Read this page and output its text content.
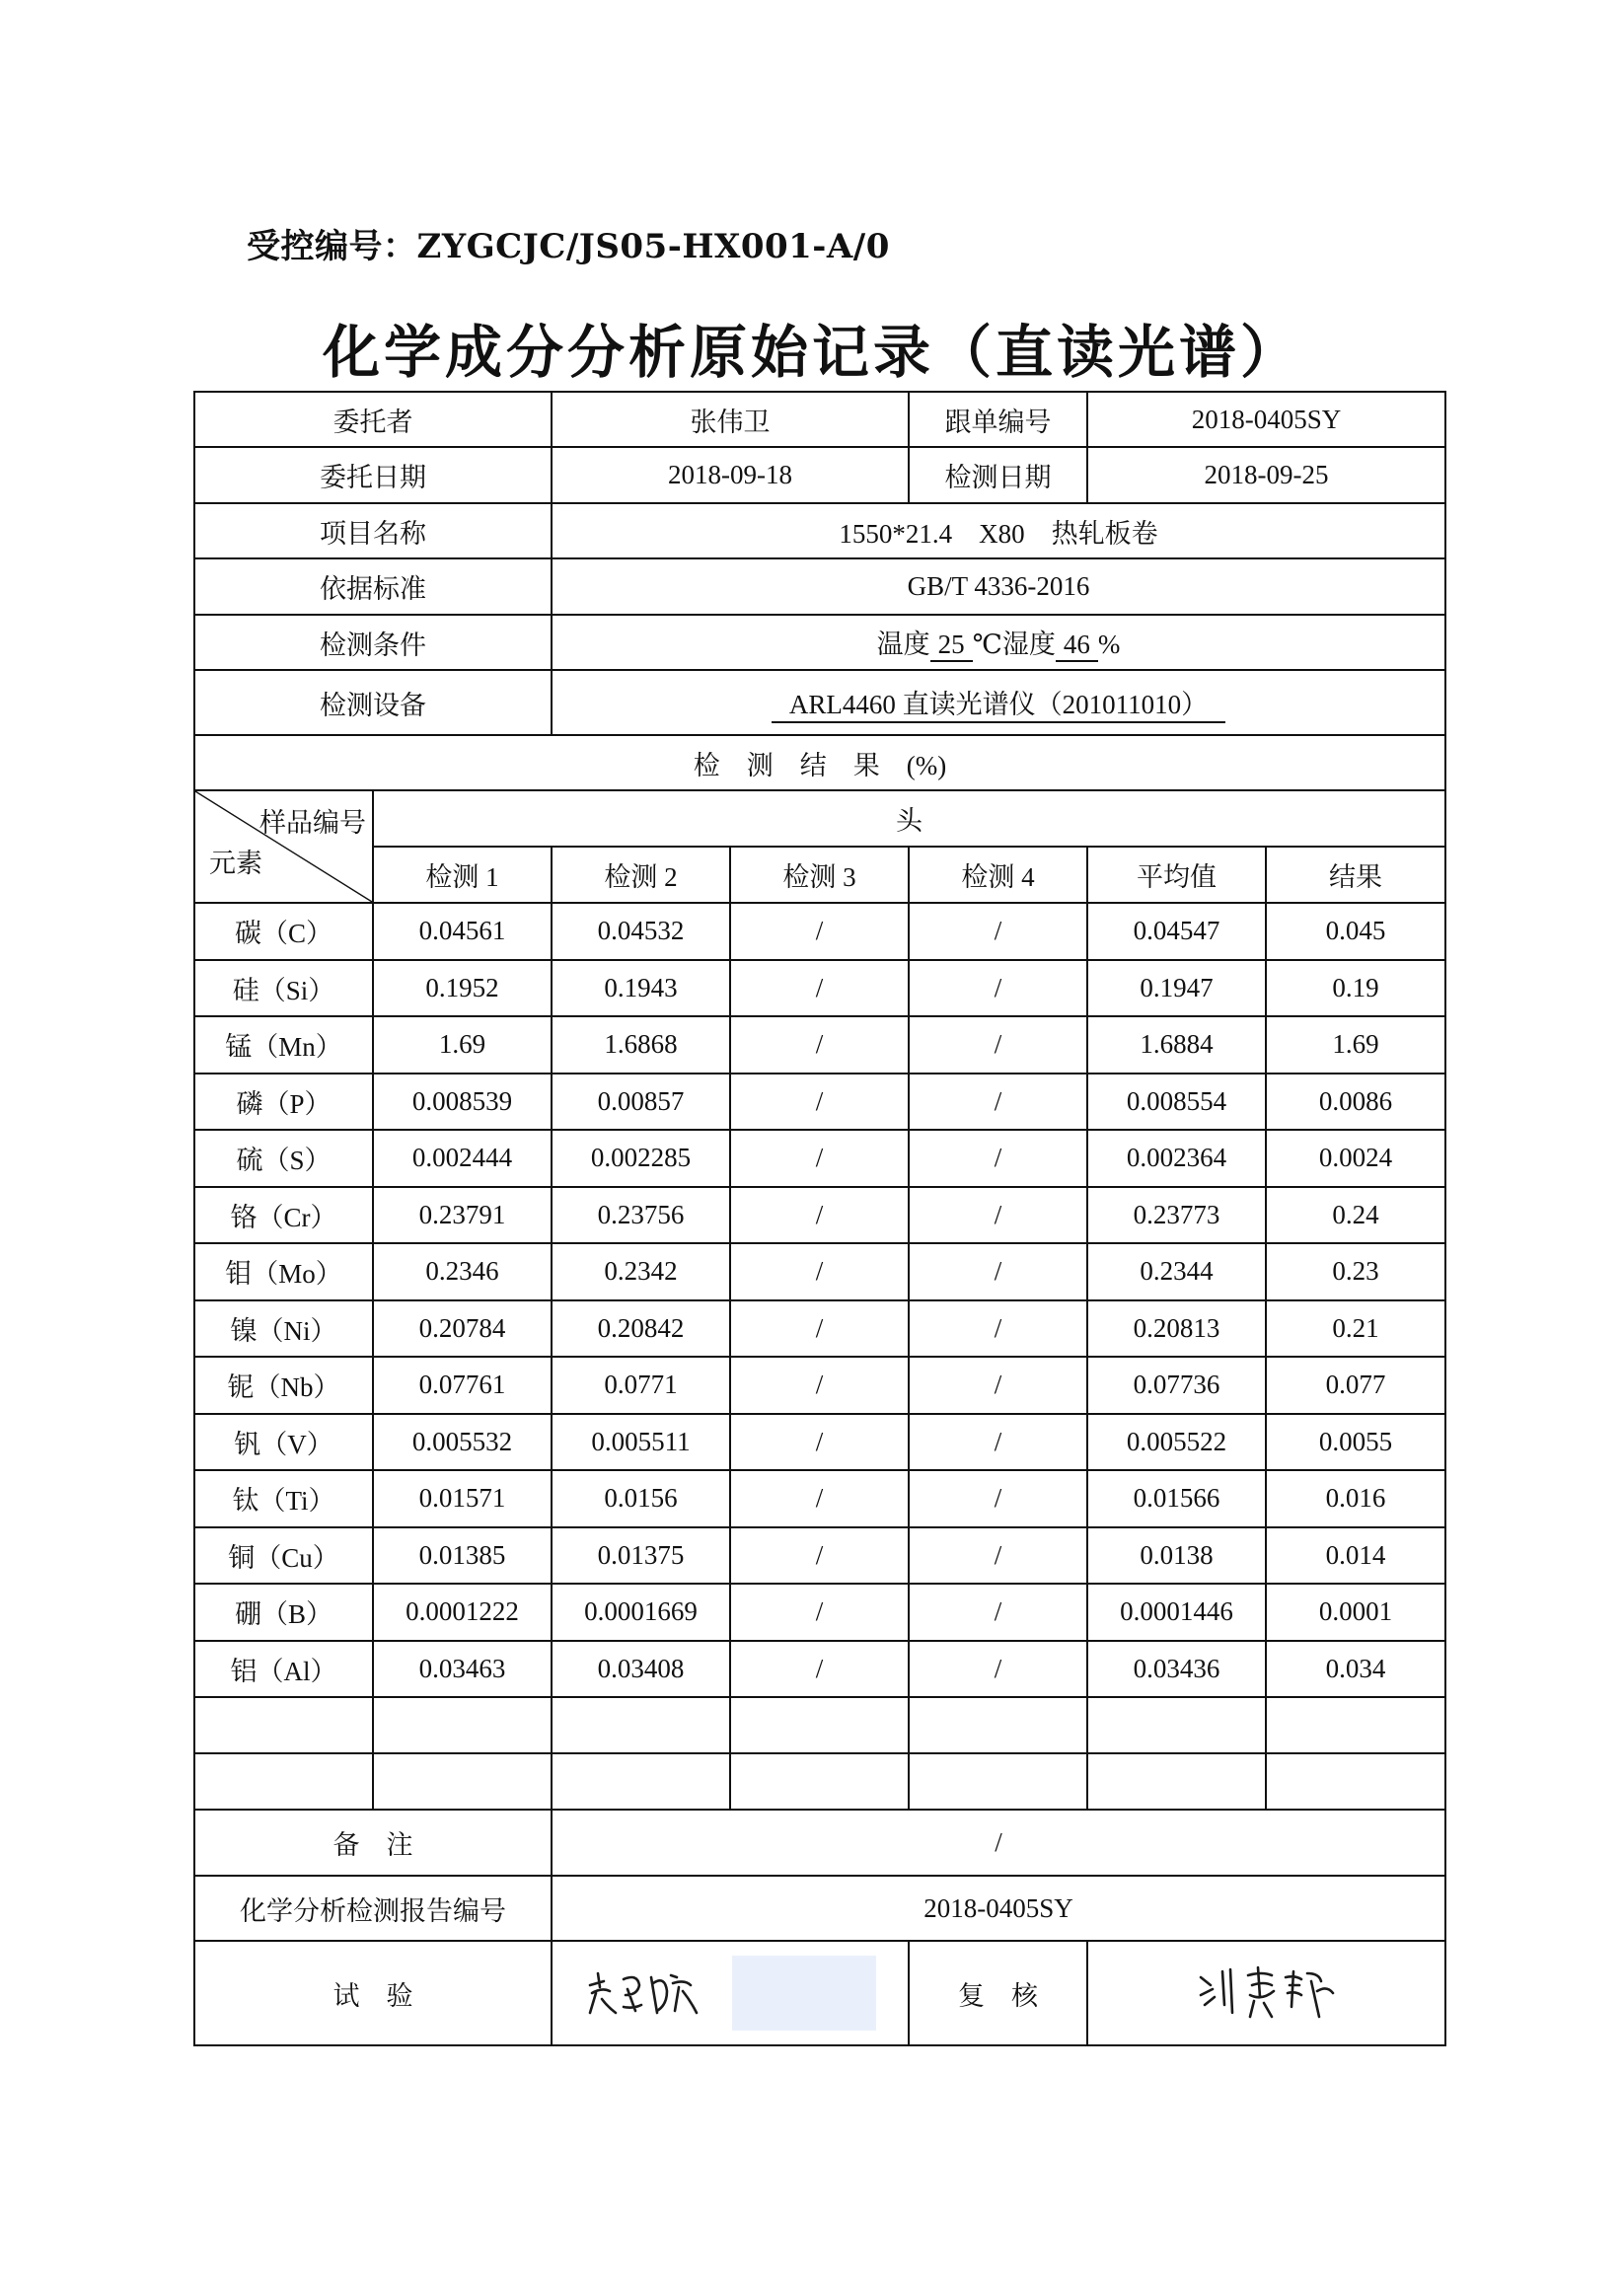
受控编号：ZYGCJC/JS05-HX001-A/0
化学成分分析原始记录（直读光谱）
委托者		张伟卫		跟单编号	2018-0405SY	
委托日期		2018-09-18		检测日期	2018-09-25	
项目名称		1550*21.4　X80　热轧板卷				
依据标准		GB/T 4336-2016				
检测条件		温度 25 ℃湿度 46 %				
检测设备		ARL4460 直读光谱仪（201011010）				
检　测　结　果　(%)						

样品编号
元素	头					
	检测 1	检测 2	检测 3	检测 4	平均值	结果
碳（C）	0.04561	0.04532	/	/	0.04547	0.045
硅（Si）	0.1952	0.1943	/	/	0.1947	0.19
锰（Mn）	1.69	1.6868	/	/	1.6884	1.69
磷（P）	0.008539	0.00857	/	/	0.008554	0.0086
硫（S）	0.002444	0.002285	/	/	0.002364	0.0024
铬（Cr）	0.23791	0.23756	/	/	0.23773	0.24
钼（Mo）	0.2346	0.2342	/	/	0.2344	0.23
镍（Ni）	0.20784	0.20842	/	/	0.20813	0.21
铌（Nb）	0.07761	0.0771	/	/	0.07736	0.077
钒（V）	0.005532	0.005511	/	/	0.005522	0.0055
钛（Ti）	0.01571	0.0156	/	/	0.01566	0.016
铜（Cu）	0.01385	0.01375	/	/	0.0138	0.014
硼（B）	0.0001222	0.0001669	/	/	0.0001446	0.0001
铝（Al）	0.03463	0.03408	/	/	0.03436	0.034

备　注		/				
化学分析检测报告编号		2018-0405SY				
试　验				复　核	
